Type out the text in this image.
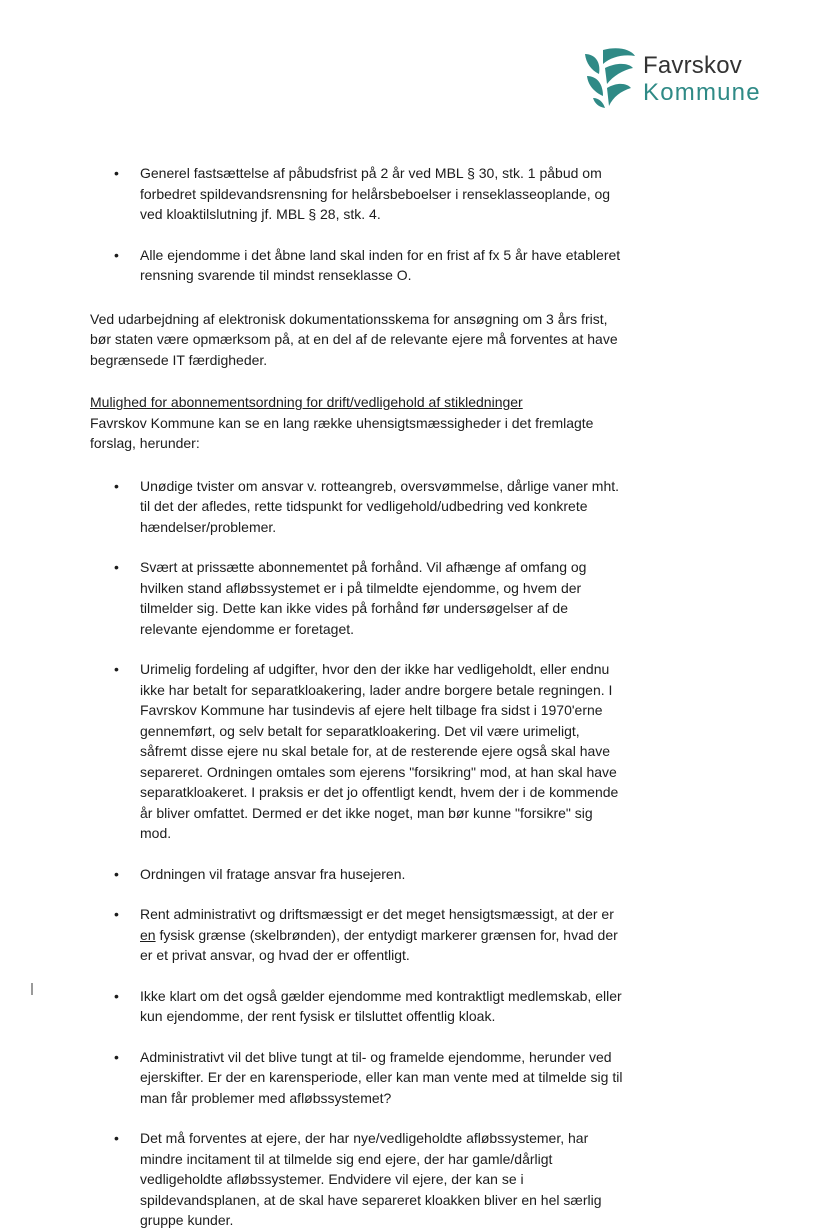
Favrskov
Kommune
• Generel fastsættelse af påbudsfrist på 2 år ved MBL § 30, stk. 1 påbud om forbedret spildevandsrensning for helårsbeboelser i renseklasseoplande, og ved kloaktilslutning jf. MBL § 28, stk. 4.
• Alle ejendomme i det åbne land skal inden for en frist af fx 5 år have etableret rensning svarende til mindst renseklasse O.

Ved udarbejdning af elektronisk dokumentationsskema for ansøgning om 3 års frist, bør staten være opmærksom på, at en del af de relevante ejere må forventes at have begrænsede IT færdigheder.

Mulighed for abonnementsordning for drift/vedligehold af stikledninger

Favrskov Kommune kan se en lang række uhensigtsmæssigheder i det fremlagte forslag, herunder:

• Unødige tvister om ansvar v. rotteangreb, oversvømmelse, dårlige vaner mht. til det der afledes, rette tidspunkt for vedligehold/udbedring ved konkrete hændelser/problemer.
• Svært at prissætte abonnementet på forhånd. Vil afhænge af omfang og hvilken stand afløbssystemet er i på tilmeldte ejendomme, og hvem der tilmelder sig. Dette kan ikke vides på forhånd før undersøgelser af de relevante ejendomme er foretaget.
• Urimelig fordeling af udgifter, hvor den der ikke har vedligeholdt, eller endnu ikke har betalt for separatkloakering, lader andre borgere betale regningen. I Favrskov Kommune har tusindevis af ejere helt tilbage fra sidst i 1970'erne gennemført, og selv betalt for separatkloakering. Det vil være urimeligt, såfremt disse ejere nu skal betale for, at de resterende ejere også skal have separeret. Ordningen omtales som ejerens "forsikring" mod, at han skal have separatkloakeret. I praksis er det jo offentligt kendt, hvem der i de kommende år bliver omfattet. Dermed er det ikke noget, man bør kunne "forsikre" sig mod.
• Ordningen vil fratage ansvar fra husejeren.
• Rent administrativt og driftsmæssigt er det meget hensigtsmæssigt, at der er en fysisk grænse (skelbrønden), der entydigt markerer grænsen for, hvad der er et privat ansvar, og hvad der er offentligt.
• Ikke klart om det også gælder ejendomme med kontraktligt medlemskab, eller kun ejendomme, der rent fysisk er tilsluttet offentlig kloak.
• Administrativt vil det blive tungt at til- og framelde ejendomme, herunder ved ejerskifter. Er der en karensperiode, eller kan man vente med at tilmelde sig til man får problemer med afløbssystemet?
• Det må forventes at ejere, der har nye/vedligeholdte afløbssystemer, har mindre incitament til at tilmelde sig end ejere, der har gamle/dårligt vedligeholdte afløbssystemer. Endvidere vil ejere, der kan se i spildevandsplanen, at de skal have separeret kloakken bliver en hel særlig gruppe kunder.
